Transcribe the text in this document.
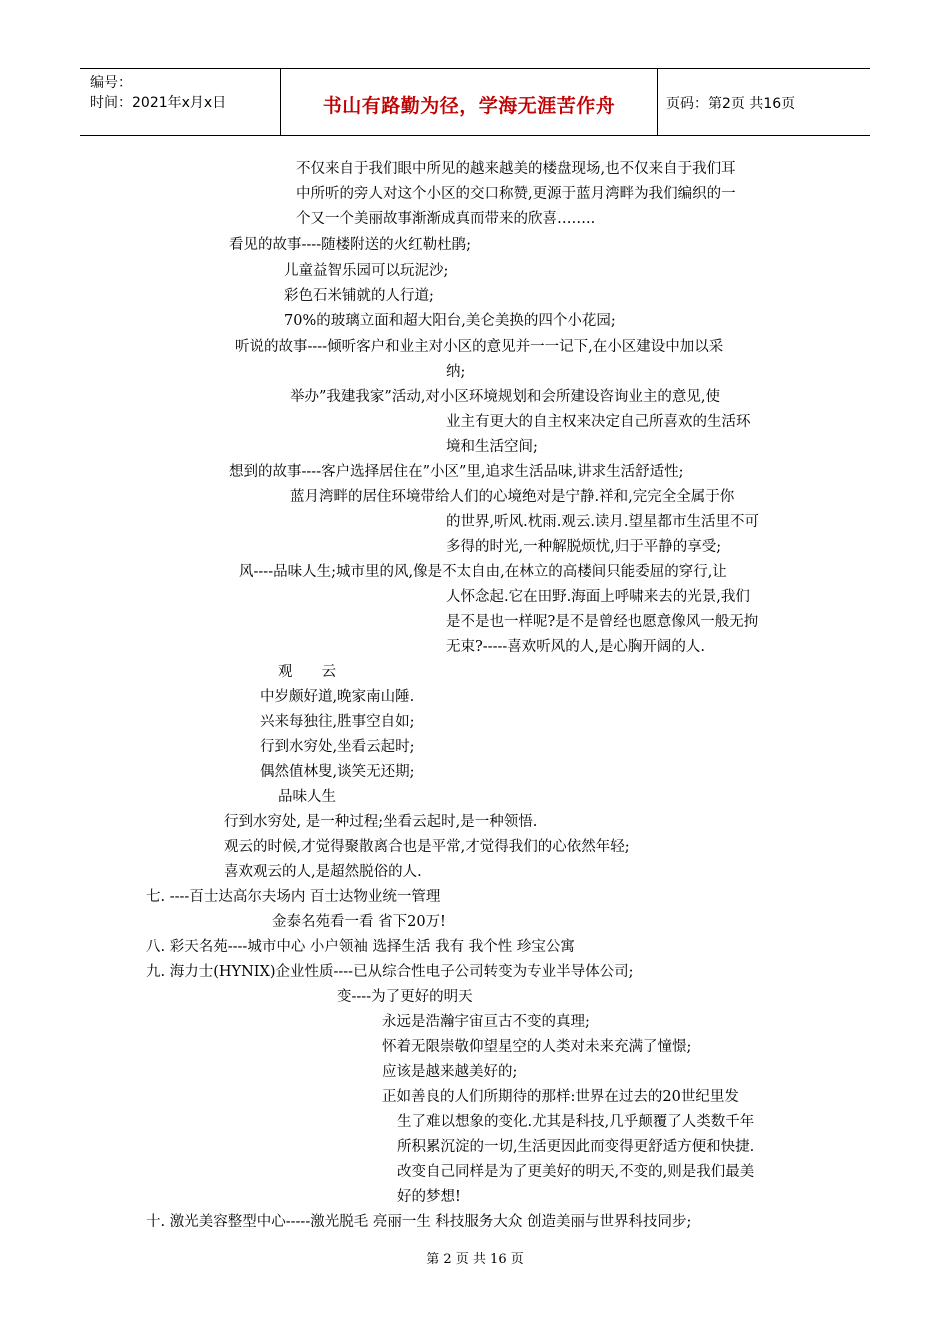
编号：
时间：2021年x月x日	书山有路勤为径，学海无涯苦作舟	页码：第2页 共16页
不仅来自于我们眼中所见的越来越美的楼盘现场,也不仅来自于我们耳
中所听的旁人对这个小区的交口称赞,更源于蓝月湾畔为我们编织的一
个又一个美丽故事渐渐成真而带来的欣喜……..
看见的故事----随楼附送的火红勒杜鹃;
儿童益智乐园可以玩泥沙;
彩色石米铺就的人行道;
70%的玻璃立面和超大阳台,美仑美换的四个小花园;
听说的故事----倾听客户和业主对小区的意见并一一记下,在小区建设中加以采
纳;
举办”我建我家”活动,对小区环境规划和会所建设咨询业主的意见,使
业主有更大的自主权来决定自己所喜欢的生活环
境和生活空间;
想到的故事----客户选择居住在”小区”里,追求生活品味,讲求生活舒适性;
蓝月湾畔的居住环境带给人们的心境绝对是宁静.祥和,完完全全属于你
的世界,听风.枕雨.观云.读月.望星都市生活里不可
多得的时光,一种解脱烦忧,归于平静的享受;
风----品味人生;城市里的风,像是不太自由,在林立的高楼间只能委屈的穿行,让
人怀念起.它在田野.海面上呼啸来去的光景,我们
是不是也一样呢?是不是曾经也愿意像风一般无拘
无束?-----喜欢听风的人,是心胸开阔的人.
观　　云
中岁颇好道,晚家南山陲.
兴来每独往,胜事空自如;
行到水穷处,坐看云起时;
偶然值林叟,谈笑无还期;
品味人生
行到水穷处, 是一种过程;坐看云起时,是一种领悟.
观云的时候,才觉得聚散离合也是平常,才觉得我们的心依然年轻;
喜欢观云的人,是超然脱俗的人.
七. ----百士达高尔夫场内 百士达物业统一管理
金泰名苑看一看 省下20万!
八. 彩天名苑----城市中心 小户领袖 选择生活 我有 我个性 珍宝公寓
九. 海力士(HYNIX)企业性质----已从综合性电子公司转变为专业半导体公司;
变----为了更好的明天
永远是浩瀚宇宙亘古不变的真理;
怀着无限崇敬仰望星空的人类对未来充满了憧憬;
应该是越来越美好的;
正如善良的人们所期待的那样:世界在过去的20世纪里发
生了难以想象的变化.尤其是科技,几乎颠覆了人类数千年
所积累沉淀的一切,生活更因此而变得更舒适方便和快捷.
改变自己同样是为了更美好的明天,不变的,则是我们最美
好的梦想!
十. 激光美容整型中心-----激光脱毛 亮丽一生 科技服务大众 创造美丽与世界科技同步;
第 2 页 共 16 页
